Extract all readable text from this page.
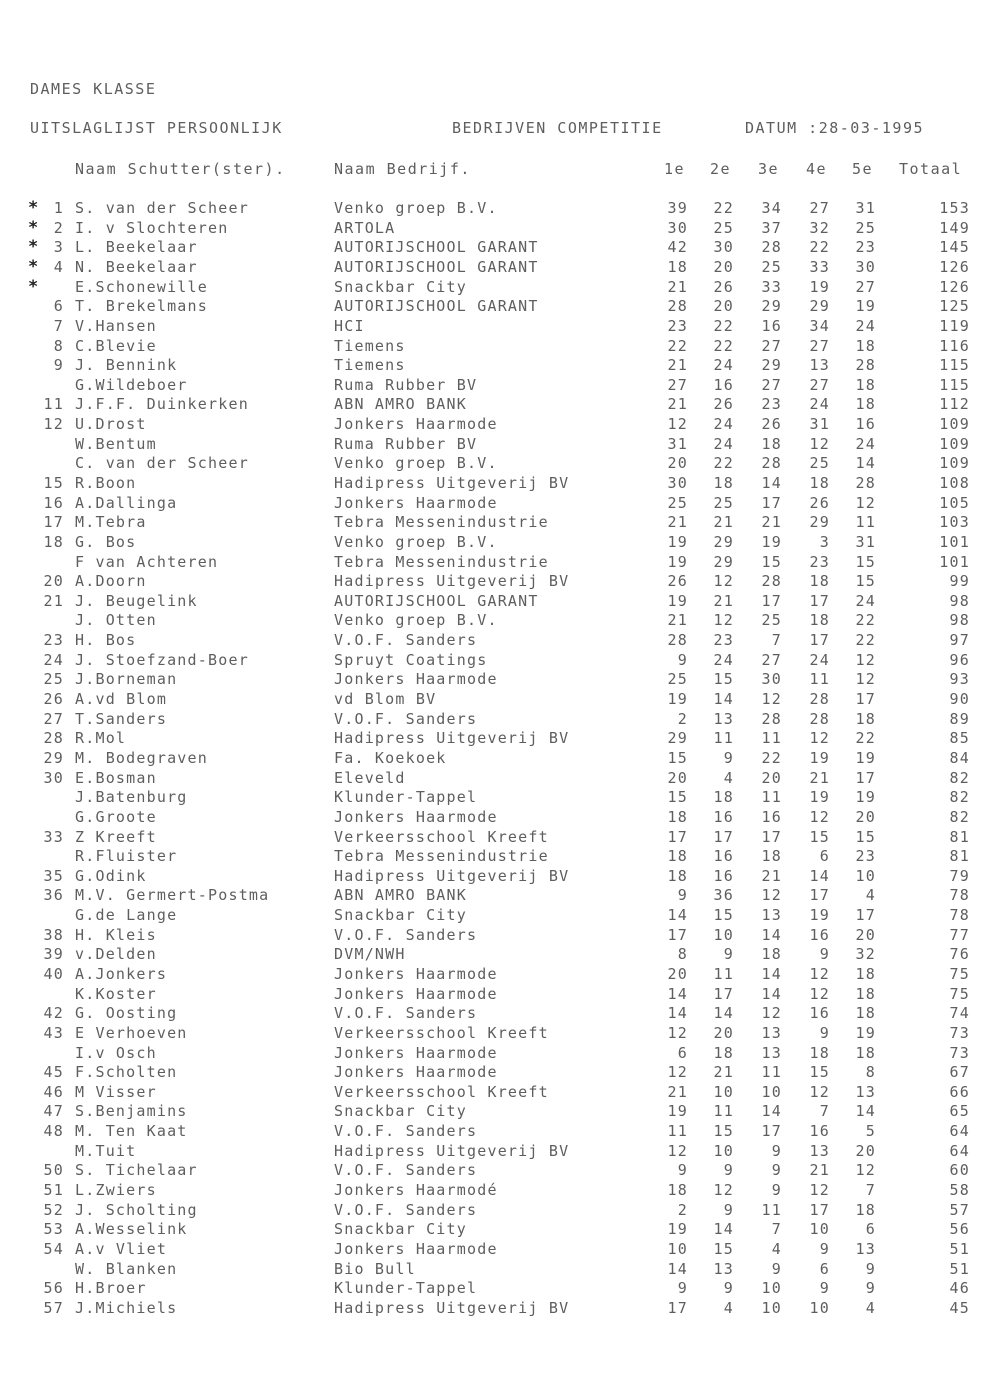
DAMES KLASSE
UITSLAGLIJST PERSOONLIJK	BEDRIJVEN COMPETITIE	DATUM :28-03-1995
Naam Schutter(ster).	Naam Bedrijf.	1e 2e 3e 4e 5e Totaal
* 1 S. van der Scheer	Venko groep B.V.	39	22	34	27	31	153
* 2 I. v Slochteren	ARTOLA	30	25	37	32	25	149
* 3 L. Beekelaar	AUTORIJSCHOOL GARANT	42	30	28	22	23	145
* 4 N. Beekelaar	AUTORIJSCHOOL GARANT	18	20	25	33	30	126
*	E.Schonewille	Snackbar City	21	26	33	19	27	126
6 T. Brekelmans	AUTORIJSCHOOL GARANT	28	20	29	29	19	125
7 V.Hansen	HCI	23	22	16	34	24	119
8 C.Blevie	Tiemens	22	22	27	27	18	116
9 J. Bennink	Tiemens	21	24	29	13	28	115
G.Wildeboer	Ruma Rubber BV	27	16	27	27	18	115
11 J.F.F. Duinkerken	ABN AMRO BANK	21	26	23	24	18	112
12 U.Drost	Jonkers Haarmode	12	24	26	31	16	109
W.Bentum	Ruma Rubber BV	31	24	18	12	24	109
C. van der Scheer	Venko groep B.V.	20	22	28	25	14	109
15 R.Boon	Hadipress Uitgeverij BV	30	18	14	18	28	108
16 A.Dallinga	Jonkers Haarmode	25	25	17	26	12	105
17 M.Tebra	Tebra Messenindustrie	21	21	21	29	11	103
18 G. Bos	Venko groep B.V.	19	29	19	3	31	101
F van Achteren	Tebra Messenindustrie	19	29	15	23	15	101
20 A.Doorn	Hadipress Uitgeverij BV	26	12	28	18	15	99
21 J. Beugelink	AUTORIJSCHOOL GARANT	19	21	17	17	24	98
J. Otten	Venko groep B.V.	21	12	25	18	22	98
23 H. Bos	V.O.F. Sanders	28	23	7	17	22	97
24 J. Stoefzand-Boer	Spruyt Coatings	9	24	27	24	12	96
25 J.Borneman	Jonkers Haarmode	25	15	30	11	12	93
26 A.vd Blom	vd Blom BV	19	14	12	28	17	90
27 T.Sanders	V.O.F. Sanders	2	13	28	28	18	89
28 R.Mol	Hadipress Uitgeverij BV	29	11	11	12	22	85
29 M. Bodegraven	Fa. Koekoek	15	9	22	19	19	84
30 E.Bosman	Eleveld	20	4	20	21	17	82
J.Batenburg	Klunder-Tappel	15	18	11	19	19	82
G.Groote	Jonkers Haarmode	18	16	16	12	20	82
33 Z Kreeft	Verkeersschool Kreeft	17	17	17	15	15	81
R.Fluister	Tebra Messenindustrie	18	16	18	6	23	81
35 G.Odink	Hadipress Uitgeverij BV	18	16	21	14	10	79
36 M.V. Germert-Postma	ABN AMRO BANK	9	36	12	17	4	78
G.de Lange	Snackbar City	14	15	13	19	17	78
38 H. Kleis	V.O.F. Sanders	17	10	14	16	20	77
39 v.Delden	DVM/NWH	8	9	18	9	32	76
40 A.Jonkers	Jonkers Haarmode	20	11	14	12	18	75
K.Koster	Jonkers Haarmode	14	17	14	12	18	75
42 G. Oosting	V.O.F. Sanders	14	14	12	16	18	74
43 E Verhoeven	Verkeersschool Kreeft	12	20	13	9	19	73
I.v Osch	Jonkers Haarmode	6	18	13	18	18	73
45 F.Scholten	Jonkers Haarmode	12	21	11	15	8	67
46 M Visser	Verkeersschool Kreeft	21	10	10	12	13	66
47 S.Benjamins	Snackbar City	19	11	14	7	14	65
48 M. Ten Kaat	V.O.F. Sanders	11	15	17	16	5	64
M.Tuit	Hadipress Uitgeverij BV	12	10	9	13	20	64
50 S. Tichelaar	V.O.F. Sanders	9	9	9	21	12	60
51 L.Zwiers	Jonkers Haarmodé	18	12	9	12	7	58
52 J. Scholting	V.O.F. Sanders	2	9	11	17	18	57
53 A.Wesselink	Snackbar City	19	14	7	10	6	56
54 A.v Vliet	Jonkers Haarmode	10	15	4	9	13	51
W. Blanken	Bio Bull	14	13	9	6	9	51
56 H.Broer	Klunder-Tappel	9	9	10	9	9	46
57 J.Michiels	Hadipress Uitgeverij BV	17	4	10	10	4	45
